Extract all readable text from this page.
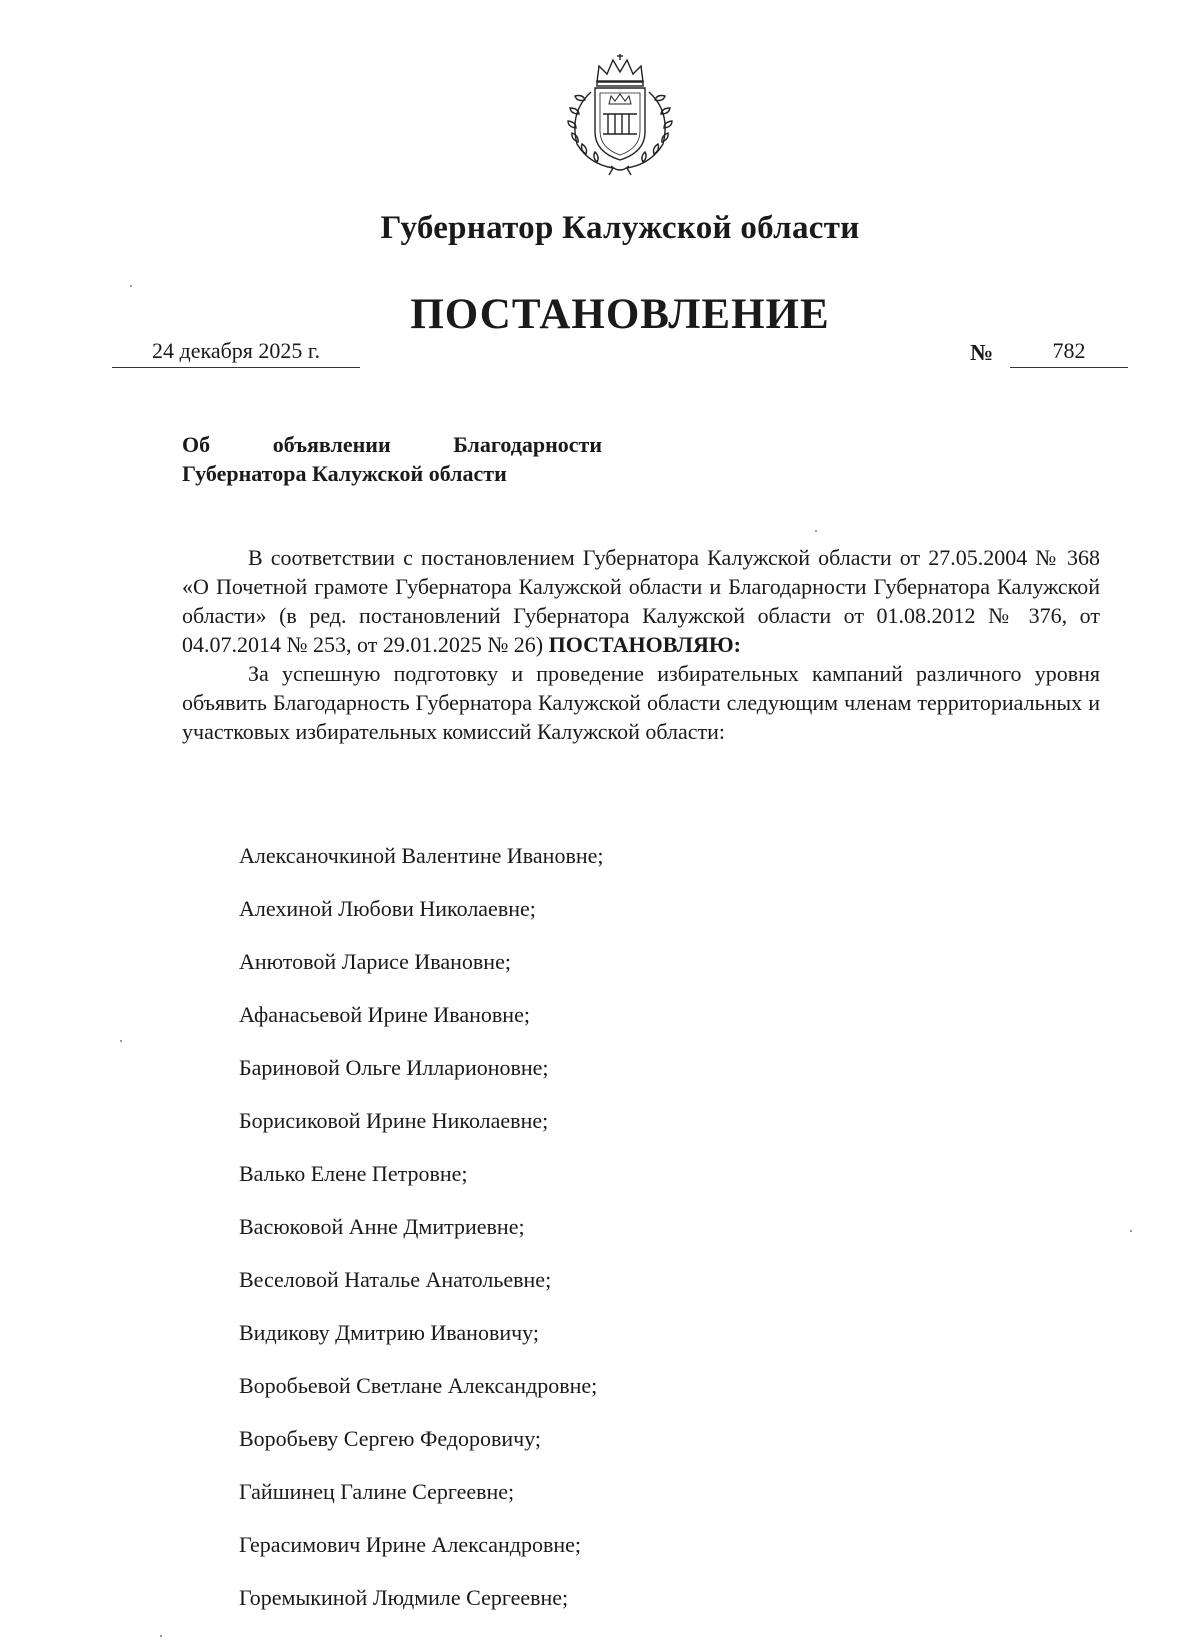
Губернатор Калужской области
ПОСТАНОВЛЕНИЕ
24 декабря 2025 г.	№	782
Об объявлении Благодарности
Губернатора Калужской области

В соответствии с постановлением Губернатора Калужской области от 27.05.2004 № 368 «О Почетной грамоте Губернатора Калужской области и Благодарности Губернатора Калужской области» (в ред. постановлений Губернатора Калужской области от 01.08.2012 № 376, от 04.07.2014 № 253, от 29.01.2025 № 26) ПОСТАНОВЛЯЮ:

За успешную подготовку и проведение избирательных кампаний различного уровня объявить Благодарность Губернатора Калужской области следующим членам территориальных и участковых избирательных комиссий Калужской области:

Алексаночкиной Валентине Ивановне;
Алехиной Любови Николаевне;
Анютовой Ларисе Ивановне;
Афанасьевой Ирине Ивановне;
Бариновой Ольге Илларионовне;
Борисиковой Ирине Николаевне;
Валько Елене Петровне;
Васюковой Анне Дмитриевне;
Веселовой Наталье Анатольевне;
Видикову Дмитрию Ивановичу;
Воробьевой Светлане Александровне;
Воробьеву Сергею Федоровичу;
Гайшинец Галине Сергеевне;
Герасимович Ирине Александровне;
Горемыкиной Людмиле Сергеевне;
